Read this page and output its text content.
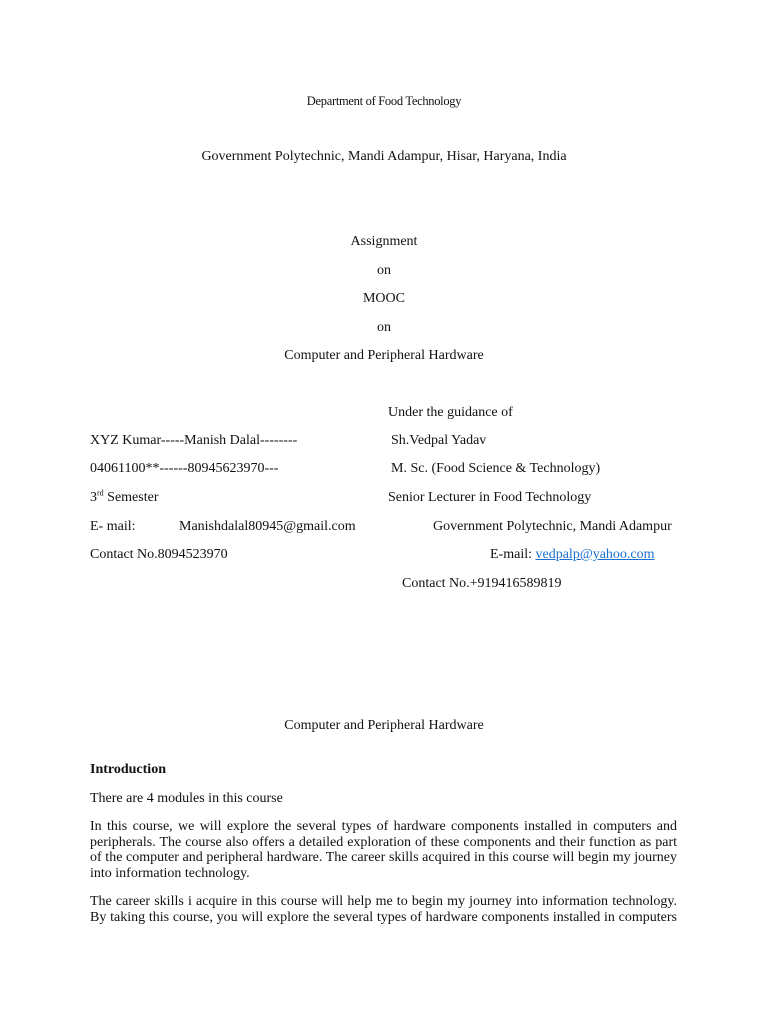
Department of Food Technology
Government Polytechnic, Mandi Adampur, Hisar, Haryana, India
Assignment
on
MOOC
on
Computer and Peripheral Hardware
Under the guidance of
XYZ Kumar-----Manish Dalal--------	Sh.Vedpal Yadav
04061100**------80945623970---	M. Sc. (Food Science & Technology)
3rd Semester	Senior Lecturer in Food Technology
E- mail:	Manishdalal80945@gmail.com	Government Polytechnic, Mandi Adampur
Contact No.8094523970	E-mail: vedpalp@yahoo.com
Contact No.+919416589819
Computer and Peripheral Hardware
Introduction
There are 4 modules in this course
In this course, we will explore the several types of hardware components installed in computers and peripherals. The course also offers a detailed exploration of these components and their function as part of the computer and peripheral hardware. The career skills acquired in this course will begin my journey into information technology.
The career skills i acquire in this course will help me to begin my journey into information technology. By taking this course, you will explore the several types of hardware components installed in computers
